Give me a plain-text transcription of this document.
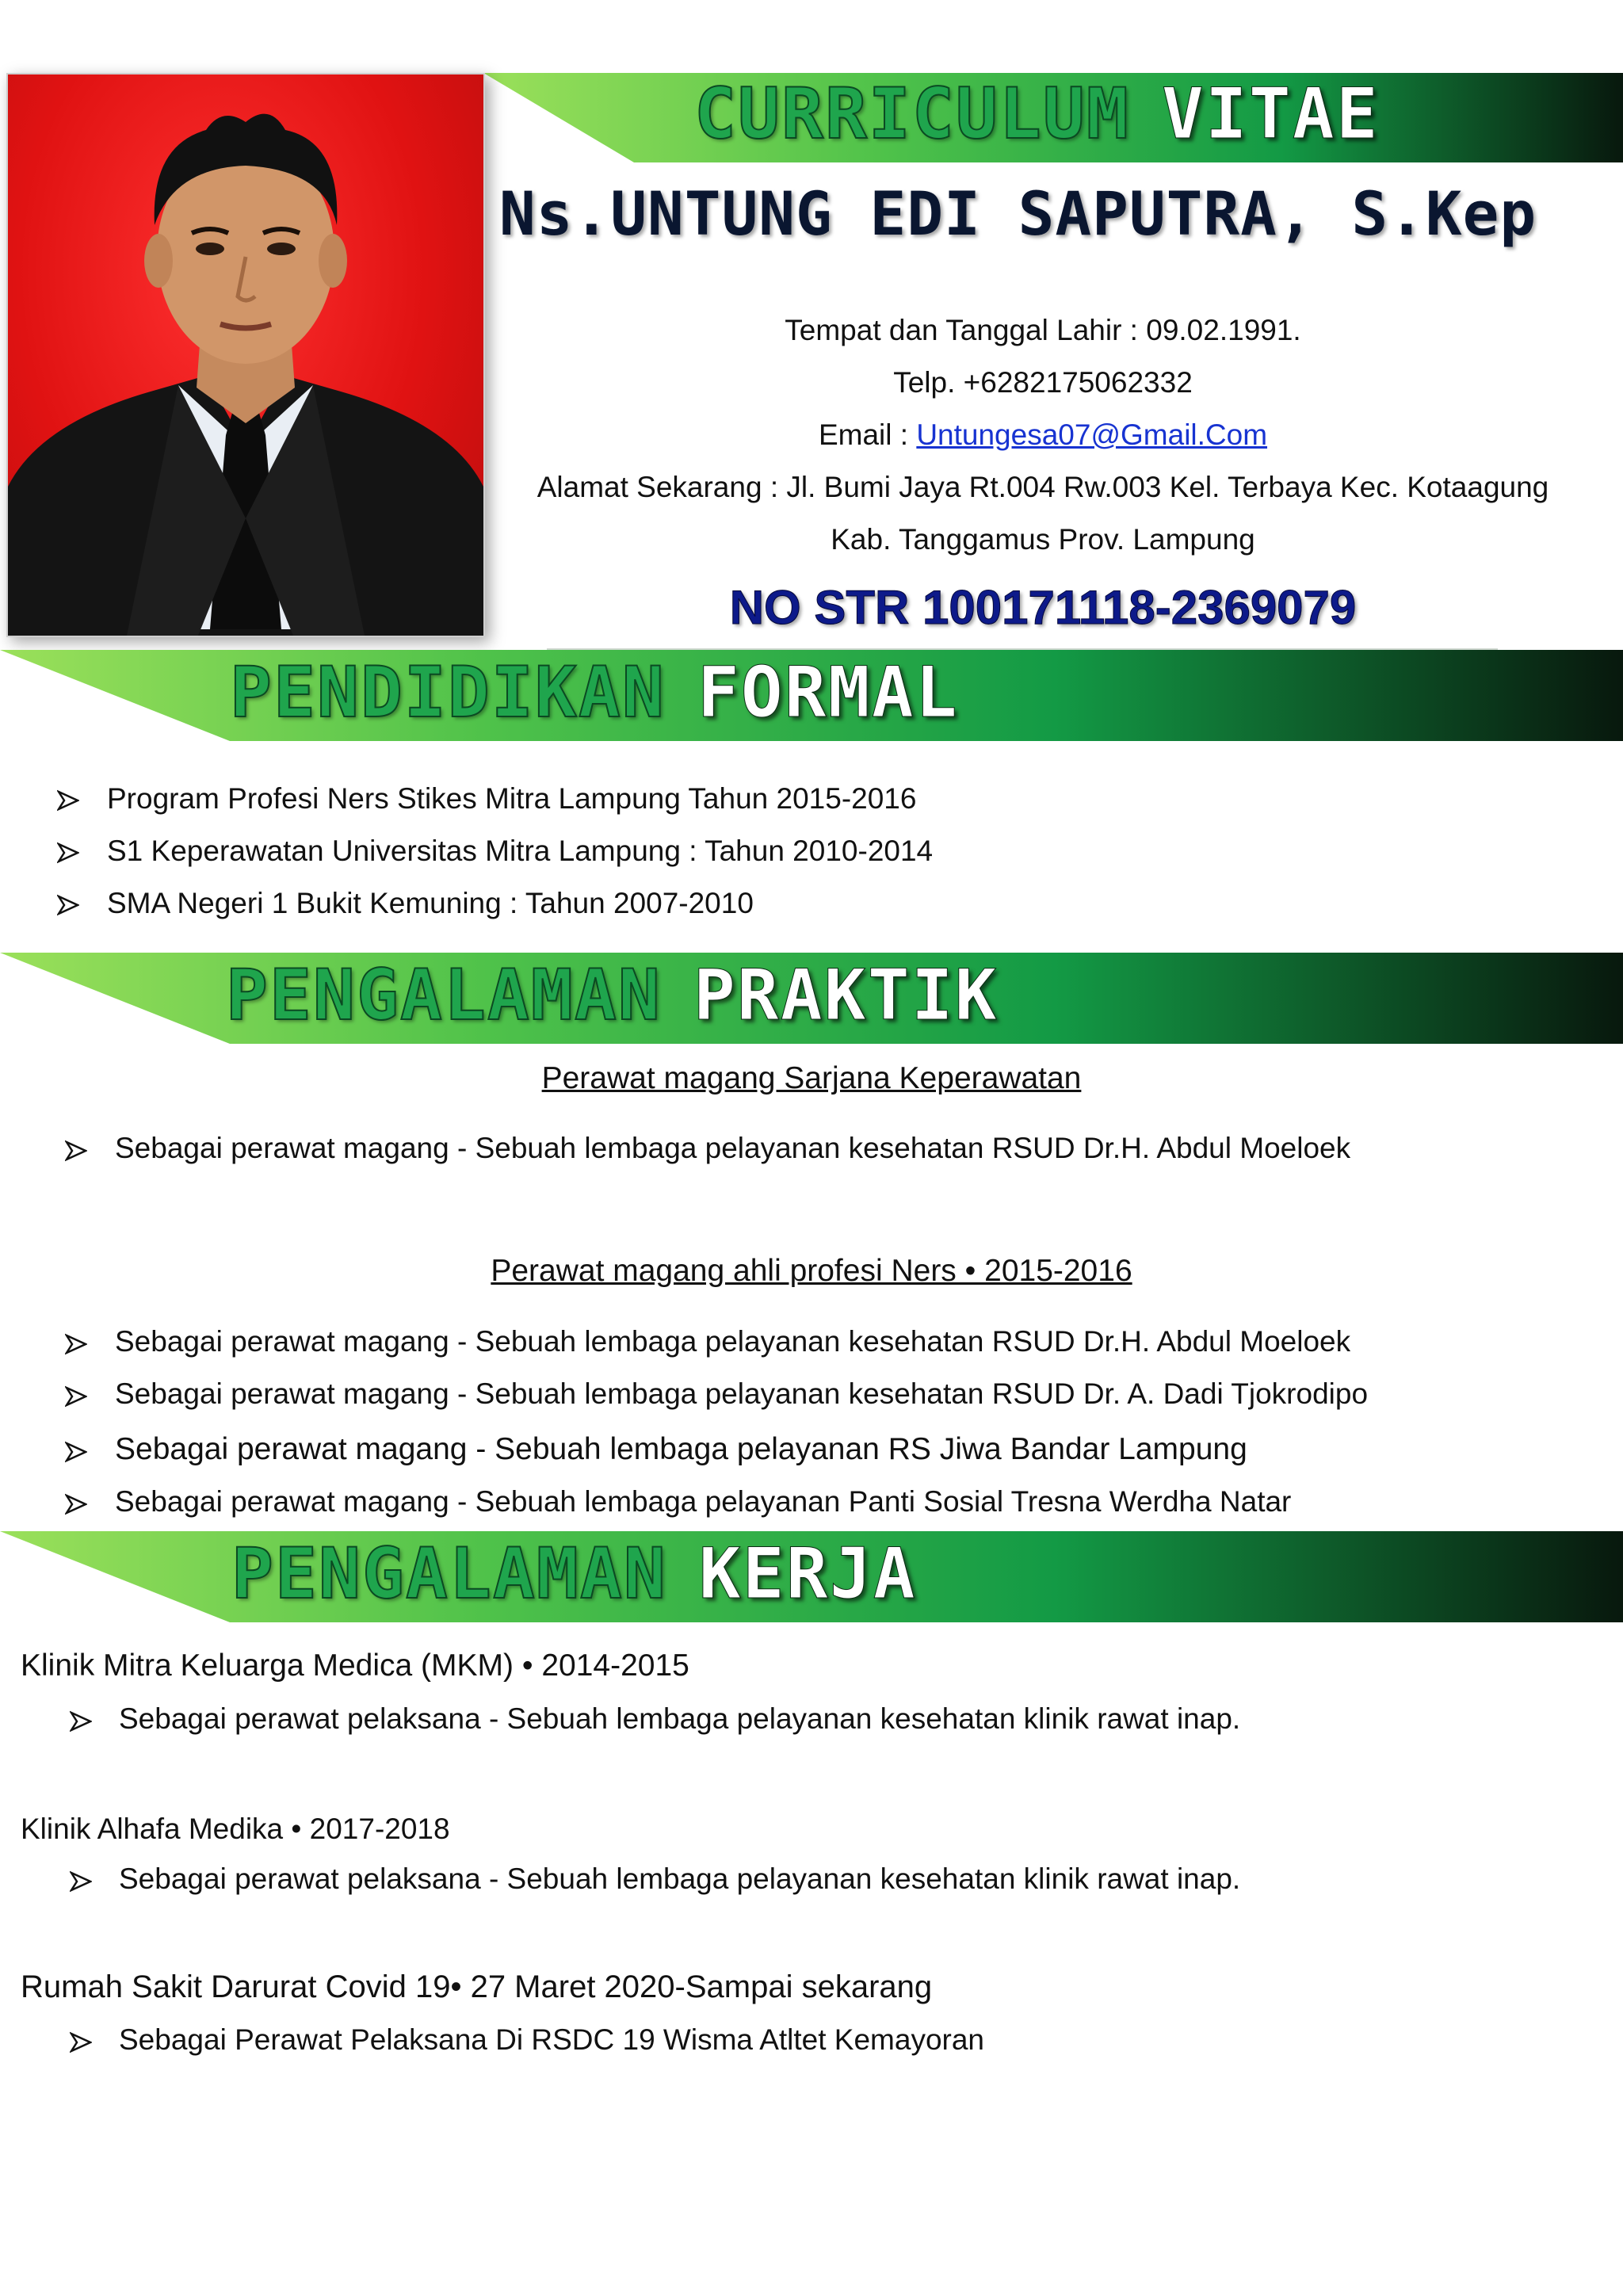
CURRICULUM VITAE
Ns.UNTUNG EDI SAPUTRA, S.Kep
Tempat dan Tanggal Lahir : 09.02.1991.
Telp. +6282175062332
Email : Untungesa07@Gmail.Com
Alamat Sekarang : Jl. Bumi Jaya Rt.004 Rw.003 Kel. Terbaya Kec. Kotaagung
Kab. Tanggamus Prov. Lampung
NO STR 100171118-2369079
PENDIDIKAN FORMAL
Program Profesi Ners Stikes Mitra Lampung Tahun 2015-2016
S1 Keperawatan Universitas Mitra Lampung : Tahun 2010-2014
SMA Negeri 1 Bukit Kemuning : Tahun 2007-2010
PENGALAMAN PRAKTIK
Perawat magang Sarjana Keperawatan
Sebagai perawat magang - Sebuah lembaga pelayanan kesehatan RSUD Dr.H. Abdul Moeloek
Perawat magang ahli profesi Ners • 2015-2016
Sebagai perawat magang - Sebuah lembaga pelayanan kesehatan RSUD Dr.H. Abdul Moeloek
Sebagai perawat magang - Sebuah lembaga pelayanan kesehatan RSUD Dr. A. Dadi Tjokrodipo
Sebagai perawat magang - Sebuah lembaga pelayanan RS Jiwa Bandar Lampung
Sebagai perawat magang - Sebuah lembaga pelayanan Panti Sosial Tresna Werdha Natar
PENGALAMAN KERJA
Klinik Mitra Keluarga Medica (MKM) • 2014-2015
Sebagai perawat pelaksana - Sebuah lembaga pelayanan kesehatan klinik rawat inap.
Klinik Alhafa Medika • 2017-2018
Sebagai perawat pelaksana - Sebuah lembaga pelayanan kesehatan klinik rawat inap.
Rumah Sakit Darurat Covid 19• 27 Maret 2020-Sampai sekarang
Sebagai Perawat Pelaksana Di RSDC 19 Wisma Atltet Kemayoran
